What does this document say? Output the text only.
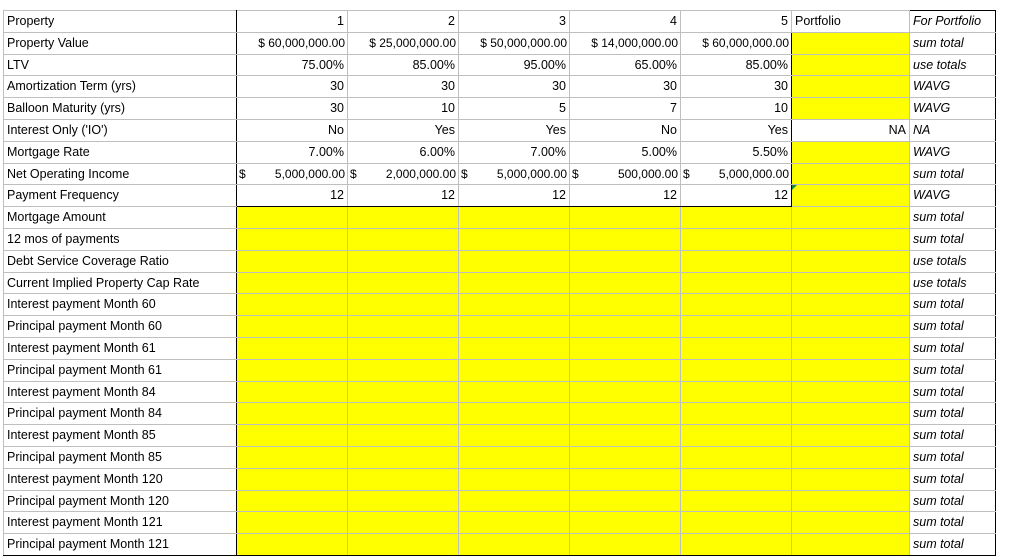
Property	1	2	3	4	5	Portfolio	For Portfolio
Property Value	$ 60,000,000.00	$ 25,000,000.00	$ 50,000,000.00	$ 14,000,000.00	$ 60,000,000.00		sum total
LTV	75.00%	85.00%	95.00%	65.00%	85.00%		use totals
Amortization Term (yrs)	30	30	30	30	30		WAVG
Balloon Maturity (yrs)	30	10	5	7	10		WAVG
Interest Only ('IO')	No	Yes	Yes	No	Yes	NA	NA
Mortgage Rate	7.00%	6.00%	7.00%	5.00%	5.50%		WAVG
Net Operating Income	$ 5,000,000.00	$ 2,000,000.00	$ 5,000,000.00	$ 500,000.00	$ 5,000,000.00		sum total
Payment Frequency	12	12	12	12	12		WAVG
Mortgage Amount							sum total
12 mos of payments							sum total
Debt Service Coverage Ratio							use totals
Current Implied Property Cap Rate							use totals
Interest payment Month 60							sum total
Principal payment Month 60							sum total
Interest payment Month 61							sum total
Principal payment Month 61							sum total
Interest payment Month 84							sum total
Principal payment Month 84							sum total
Interest payment Month 85							sum total
Principal payment Month 85							sum total
Interest payment Month 120							sum total
Principal payment Month 120							sum total
Interest payment Month 121							sum total
Principal payment Month 121							sum total
